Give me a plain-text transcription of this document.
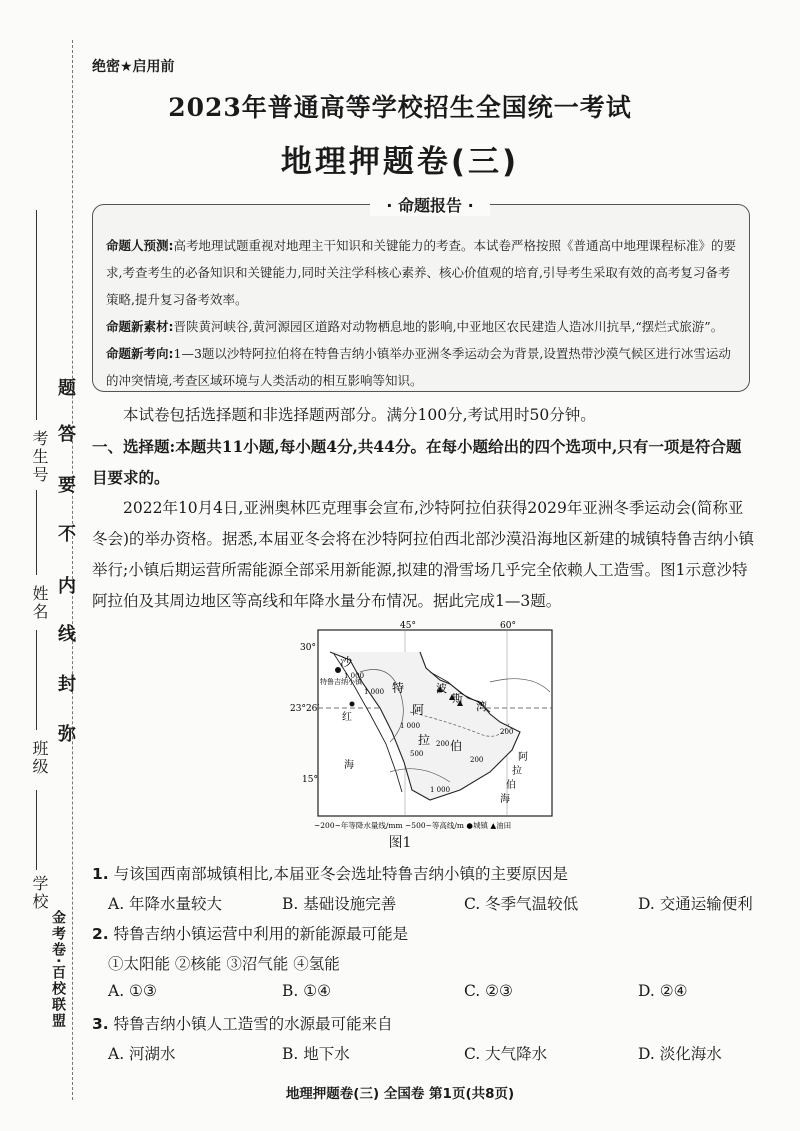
考生号
姓名
班级
学校
金考卷·百校联盟
题
答
要
不
内
线
封
弥
绝密★启用前
2023年普通高等学校招生全国统一考试
地理押题卷(三)
· 命题报告 ·

命题人预测:高考地理试题重视对地理主干知识和关键能力的考查。本试卷严格按照《普通高中地理课程标准》的要求,考查考生的必备知识和关键能力,同时关注学科核心素养、核心价值观的培育,引导考生采取有效的高考复习备考策略,提升复习备考效率。

命题新素材:晋陕黄河峡谷,黄河源园区道路对动物栖息地的影响,中亚地区农民建造人造冰川抗旱,“摆烂式旅游”。

命题新考向:1—3题以沙特阿拉伯将在特鲁吉纳小镇举办亚洲冬季运动会为背景,设置热带沙漠气候区进行冰雪运动的冲突情境,考查区域环境与人类活动的相互影响等知识。

本试卷包括选择题和非选择题两部分。满分100分,考试用时50分钟。

一、选择题:本题共11小题,每小题4分,共44分。在每小题给出的四个选项中,只有一项是符合题目要求的。

2022年10月4日,亚洲奥林匹克理事会宣布,沙特阿拉伯获得2029年亚洲冬季运动会(简称亚冬会)的举办资格。据悉,本届亚冬会将在沙特阿拉伯西北部沙漠沿海地区新建的城镇特鲁吉纳小镇举行;小镇后期运营所需能源全部采用新能源,拟建的滑雪场几乎完全依赖人工造雪。图1示意沙特阿拉伯及其周边地区等高线和年降水量分布情况。据此完成1—3题。

45°	60°
30°
23°26′
15°
沙
特
阿
拉 伯
红
海
波
斯
湾
阿
拉
伯
海
特鲁吉纳小镇
1 000
1 000
1 000
200
500
200
200
1 000
~200~年等降水量线/mm ~500~等高线/m ●城镇 ▲油田
图1
1. 与该国西南部城镇相比,本届亚冬会选址特鲁吉纳小镇的主要原因是
A. 年降水量较大	B. 基础设施完善	C. 冬季气温较低	D. 交通运输便利
2. 特鲁吉纳小镇运营中利用的新能源最可能是
①太阳能 ②核能 ③沼气能 ④氢能
A. ①③	B. ①④	C. ②③	D. ②④
3. 特鲁吉纳小镇人工造雪的水源最可能来自
A. 河湖水	B. 地下水	C. 大气降水	D. 淡化海水
地理押题卷(三) 全国卷 第1页(共8页)
